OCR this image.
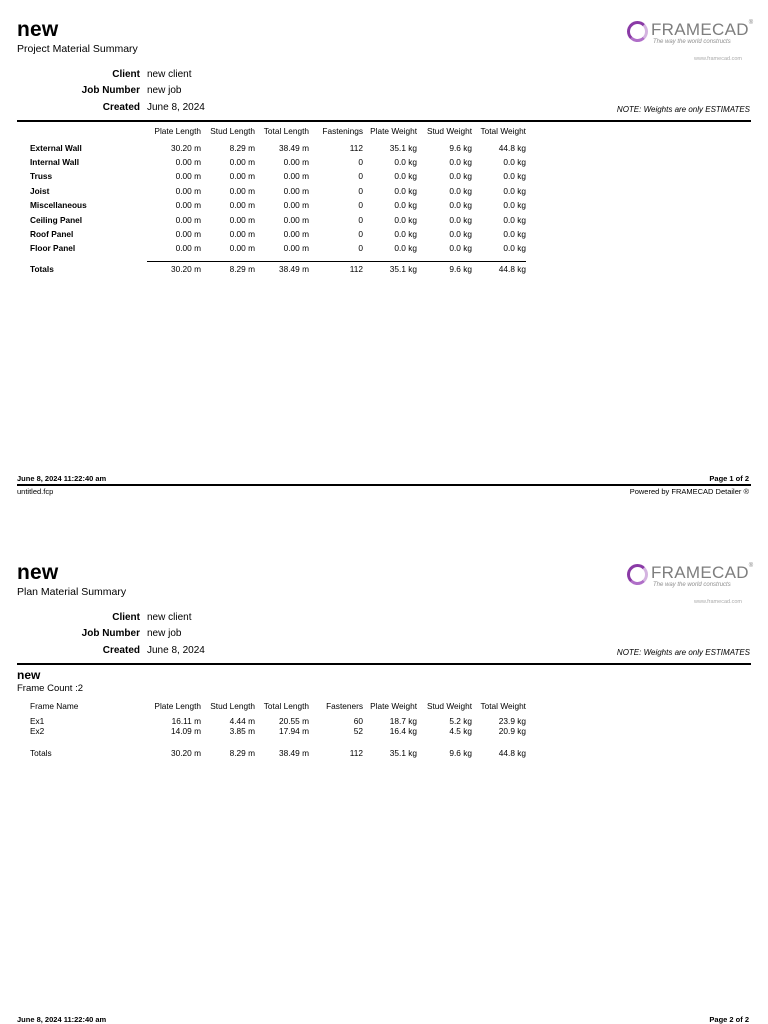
new
Project Material Summary
FRAMECAD®
The way the world constructs
www.framecad.com
Client new client
Job Number new job
Created June 8, 2024	NOTE: Weights are only ESTIMATES
Plate Length Stud Length Total Length Fastenings Plate Weight Stud Weight Total Weight
External Wall	30.20 m	8.29 m	38.49 m	112	35.1 kg	9.6 kg	44.8 kg
Internal Wall	0.00 m	0.00 m	0.00 m	0	0.0 kg	0.0 kg	0.0 kg
Truss	0.00 m	0.00 m	0.00 m	0	0.0 kg	0.0 kg	0.0 kg
Joist	0.00 m	0.00 m	0.00 m	0	0.0 kg	0.0 kg	0.0 kg
Miscellaneous	0.00 m	0.00 m	0.00 m	0	0.0 kg	0.0 kg	0.0 kg
Ceiling Panel	0.00 m	0.00 m	0.00 m	0	0.0 kg	0.0 kg	0.0 kg
Roof Panel	0.00 m	0.00 m	0.00 m	0	0.0 kg	0.0 kg	0.0 kg
Floor Panel	0.00 m	0.00 m	0.00 m	0	0.0 kg	0.0 kg	0.0 kg
Totals	30.20 m	8.29 m	38.49 m	112	35.1 kg	9.6 kg	44.8 kg
June 8, 2024 11:22:40 am	Page 1 of 2
untitled.fcp	Powered by FRAMECAD Detailer ®
new
Plan Material Summary
FRAMECAD®
The way the world constructs
www.framecad.com
Client new client
Job Number new job
Created June 8, 2024	NOTE: Weights are only ESTIMATES
new
Frame Count :2
Frame Name	Plate Length Stud Length Total Length Fasteners Plate Weight Stud Weight Total Weight
Ex1	16.11 m	4.44 m	20.55 m	60	18.7 kg	5.2 kg	23.9 kg
Ex2	14.09 m	3.85 m	17.94 m	52	16.4 kg	4.5 kg	20.9 kg
Totals	30.20 m	8.29 m	38.49 m	112	35.1 kg	9.6 kg	44.8 kg
June 8, 2024 11:22:40 am	Page 2 of 2
